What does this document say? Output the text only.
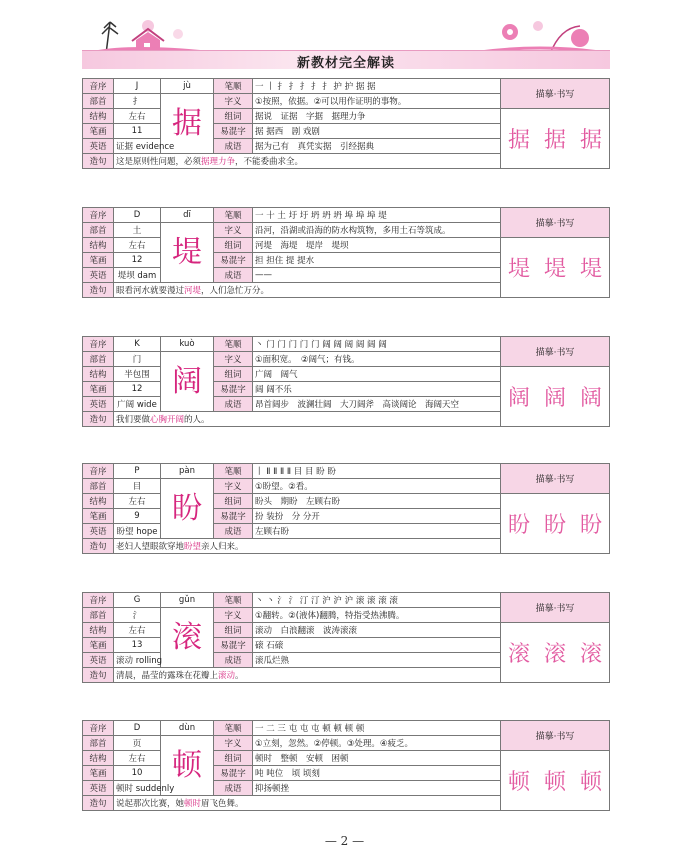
新教材完全解读
音序	J	jù	笔顺	一 丨 扌 扌 扌 扌 扌 护 护 据 据	描摹·书写
部首	扌	据	字义	①按照，依据。②可以用作证明的事物。	
结构	左右		组词	据说　证据　字据　据理力争	据 据 据

笔画	11		易混字	据 据西　剧 戏剧	
英语	证据 evidence		成语	据为己有　真凭实据　引经据典	
造句	这是原则性问题，必须据理力争，不能委曲求全。				
音序	D	dī	笔顺	一 十 土 圩 圩 坍 坍 坍 埠 埠 埠 堤	描摹·书写
部首	土	堤	字义	沿河，沿湖或沿海的防水构筑物，多用土石等筑成。	
结构	左右		组词	河堤　海堤　堤岸　堤坝	堤 堤 堤

笔画	12		易混字	担 担住 提 提水	
英语	堤坝 dam		成语	——	
造句	眼看河水就要漫过河堤，人们急忙万分。				
音序	K	kuò	笔顺	丶 门 门 门 门 门 阔 阔 阔 阔 阔 阔	描摹·书写
部首	门	阔	字义	①面积宽。　②阔气；有钱。	
结构	半包围		组词	广阔　阔气	阔 阔 阔

笔画	12		易混字	阔 阔不乐	
英语	广阔 wide		成语	昂首阔步　波澜壮阔　大刀阔斧　高谈阔论　海阔天空	
造句	我们要做心胸开阔的人。				
音序	P	pàn	笔顺	丨 Ⅱ Ⅱ Ⅱ Ⅱ 目 目 盼 盼	描摹·书写
部首	目	盼	字义	①盼望。②看。	
结构	左右		组词	盼头　期盼　左顾右盼	盼 盼 盼

笔画	9		易混字	扮 装扮　分 分开	
英语	盼望 hope		成语	左顾右盼	
造句	老妇人望眼欲穿地盼望亲人归来。				
音序	G	gǔn	笔顺	丶 丶 氵 氵 汀 汀 沪 沪 沪 滚 滚 滚 滚	描摹·书写
部首	氵	滚	字义	①翻转。②(液体)翻腾，特指受热沸腾。	
结构	左右		组词	滚动　白浪翻滚　波涛滚滚	滚 滚 滚

笔画	13		易混字	磙 石磙	
英语	滚动 rolling		成语	滚瓜烂熟	
造句	清晨，晶莹的露珠在花瓣上滚动。				
音序	D	dùn	笔顺	一 二 三 屯 屯 屯 顿 顿 顿 顿	描摹·书写
部首	页	顿	字义	①立刻，忽然。②停顿。③处理。④疲乏。	
结构	左右		组词	顿时　整顿　安顿　困顿	顿 顿 顿

笔画	10		易混字	吨 吨位　顷 顷刻	
英语	顿时 suddenly		成语	抑扬顿挫	
造句	说起那次比赛，她顿时眉飞色舞。				
— 2 —
